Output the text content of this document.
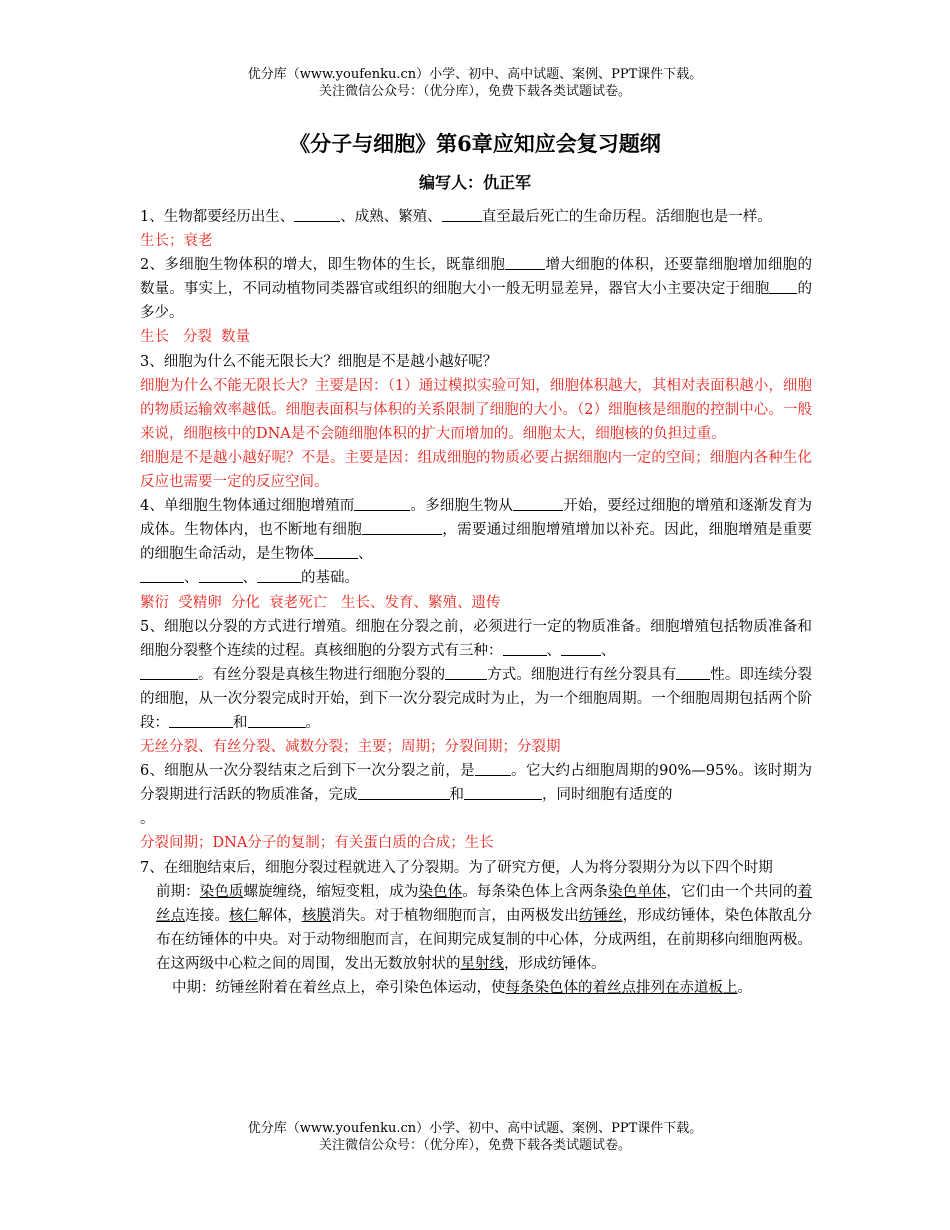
优分库（www.youfenku.cn）小学、初中、高中试题、案例、PPT课件下载。
关注微信公众号：（优分库），免费下载各类试题试卷。
《分子与细胞》第6章应知应会复习题纲
编写人：仇正军

1、生物都要经历出生、	、成熟、繁殖、	直至最后死亡的生命历程。活细胞也是一样。

生长；衰老

2、多细胞生物体积的增大，即生物体的生长，既靠细胞	增大细胞的体积，还要靠细胞增加细胞的数量。事实上，不同动植物同类器官或组织的细胞大小一般无明显差异，器官大小主要决定于细胞 的多少。

生长   分裂  数量

3、细胞为什么不能无限长大？细胞是不是越小越好呢？

细胞为什么不能无限长大？主要是因：（1）通过模拟实验可知，细胞体积越大，其相对表面积越小，细胞的物质运输效率越低。细胞表面积与体积的关系限制了细胞的大小。（2）细胞核是细胞的控制中心。一般来说，细胞核中的DNA是不会随细胞体积的扩大而增加的。细胞太大，细胞核的负担过重。

细胞是不是越小越好呢？不是。主要是因：组成细胞的物质必要占据细胞内一定的空间；细胞内各种生化反应也需要一定的反应空间。

4、单细胞生物体通过细胞增殖而	。多细胞生物从	开始，要经过细胞的增殖和逐渐发育为成体。生物体内，也不断地有细胞	，需要通过细胞增殖增加以补充。因此，细胞增殖是重要的细胞生命活动，是生物体	、
、	、	的基础。

繁衍  受精卵  分化  衰老死亡   生长、发育、繁殖、遗传

5、细胞以分裂的方式进行增殖。细胞在分裂之前，必须进行一定的物质准备。细胞增殖包括物质准备和细胞分裂整个连续的过程。真核细胞的分裂方式有三种：	、	、
。有丝分裂是真核生物进行细胞分裂的	方式。细胞进行有丝分裂具有 性。即连续分裂的细胞，从一次分裂完成时开始，到下一次分裂完成时为止，为一个细胞周期。一个细胞周期包括两个阶段：	和	。

无丝分裂、有丝分裂、减数分裂；主要；周期；分裂间期；分裂期

6、细胞从一次分裂结束之后到下一次分裂之前，是 。它大约占细胞周期的90%—95%。该时期为分裂期进行活跃的物质准备，完成	和	，同时细胞有适度的
。

分裂间期；DNA分子的复制；有关蛋白质的合成；生长

7、在细胞结束后，细胞分裂过程就进入了分裂期。为了研究方便，人为将分裂期分为以下四个时期

前期：染色质螺旋缠绕，缩短变粗，成为染色体。每条染色体上含两条染色单体，它们由一个共同的着丝点连接。核仁解体，核膜消失。对于植物细胞而言，由两极发出纺锤丝，形成纺锤体，染色体散乱分布在纺锤体的中央。对于动物细胞而言，在间期完成复制的中心体，分成两组，在前期移向细胞两极。在这两级中心粒之间的周围，发出无数放射状的星射线，形成纺锤体。

中期：纺锤丝附着在着丝点上，牵引染色体运动，使每条染色体的着丝点排列在赤道板上。

优分库（www.youfenku.cn）小学、初中、高中试题、案例、PPT课件下载。
关注微信公众号：（优分库），免费下载各类试题试卷。
